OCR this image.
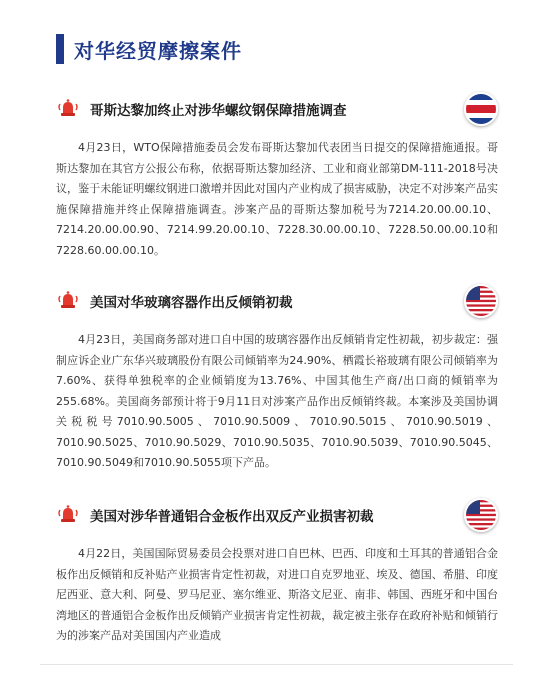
对华经贸摩擦案件
哥斯达黎加终止对涉华螺纹钢保障措施调查
4月23日，WTO保障措施委员会发布哥斯达黎加代表团当日提交的保障措施通报。哥斯达黎加在其官方公报公布称，依据哥斯达黎加经济、工业和商业部第DM-111-2018号决议，鉴于未能证明螺纹钢进口激增并因此对国内产业构成了损害威胁，决定不对涉案产品实施保障措施并终止保障措施调查。涉案产品的哥斯达黎加税号为7214.20.00.00.10、7214.20.00.00.90、7214.99.20.00.10、7228.30.00.00.10、7228.50.00.00.10和7228.60.00.00.10。
美国对华玻璃容器作出反倾销初裁
4月23日，美国商务部对进口自中国的玻璃容器作出反倾销肯定性初裁，初步裁定：强制应诉企业广东华兴玻璃股份有限公司倾销率为24.90%、栖霞长裕玻璃有限公司倾销率为7.60%、获得单独税率的企业倾销度为13.76%、中国其他生产商/出口商的倾销率为255.68%。美国商务部预计将于9月11日对涉案产品作出反倾销终裁。本案涉及美国协调关税税号7010.90.5005、7010.90.5009、7010.90.5015、7010.90.5019、7010.90.5025、7010.90.5029、7010.90.5035、7010.90.5039、7010.90.5045、7010.90.5049和7010.90.5055项下产品。
美国对涉华普通铝合金板作出双反产业损害初裁
4月22日，美国国际贸易委员会投票对进口自巴林、巴西、印度和土耳其的普通铝合金板作出反倾销和反补贴产业损害肯定性初裁，对进口自克罗地亚、埃及、德国、希腊、印度尼西亚、意大利、阿曼、罗马尼亚、塞尔维亚、斯洛文尼亚、南非、韩国、西班牙和中国台湾地区的普通铝合金板作出反倾销产业损害肯定性初裁，裁定被主张存在政府补贴和倾销行为的涉案产品对美国国内产业造成
